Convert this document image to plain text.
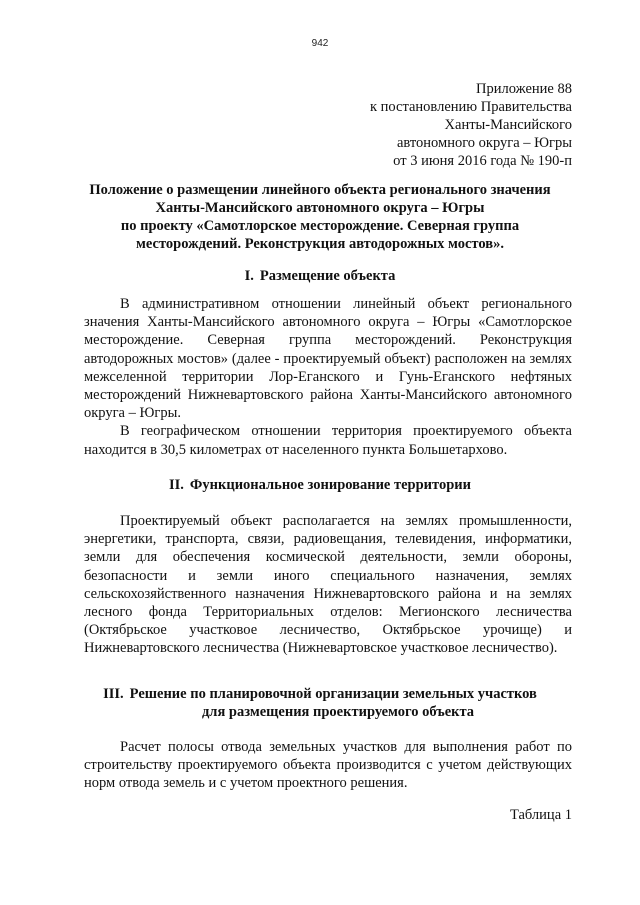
942
Приложение 88
к постановлению Правительства
Ханты-Мансийского
автономного округа – Югры
от 3 июня 2016 года № 190-п
Положение о размещении линейного объекта регионального значения
Ханты-Мансийского автономного округа – Югры
по проекту «Самотлорское месторождение. Северная группа
месторождений. Реконструкция автодорожных мостов».
I. Размещение объекта

В административном отношении линейный объект регионального значения Ханты-Мансийского автономного округа – Югры «Самотлорское месторождение. Северная группа месторождений. Реконструкция автодорожных мостов» (далее - проектируемый объект) расположен на землях межселенной территории Лор-Еганского и Гунь-Еганского нефтяных месторождений Нижневартовского района Ханты-Мансийского автономного округа – Югры.

В географическом отношении территория проектируемого объекта находится в 30,5 километрах от населенного пункта Большетархово.

II. Функциональное зонирование территории

Проектируемый объект располагается на землях промышленности, энергетики, транспорта, связи, радиовещания, телевидения, информатики, земли для обеспечения космической деятельности, земли обороны, безопасности и земли иного специального назначения, землях сельскохозяйственного назначения Нижневартовского района и на землях лесного фонда Территориальных отделов: Мегионского лесничества (Октябрьское участковое лесничество, Октябрьское урочище) и Нижневартовского лесничества (Нижневартовское участковое лесничество).

III. Решение по планировочной организации земельных участков
для размещения проектируемого объекта

Расчет полосы отвода земельных участков для выполнения работ по строительству проектируемого объекта производится с учетом действующих норм отвода земель и с учетом проектного решения.

Таблица 1
